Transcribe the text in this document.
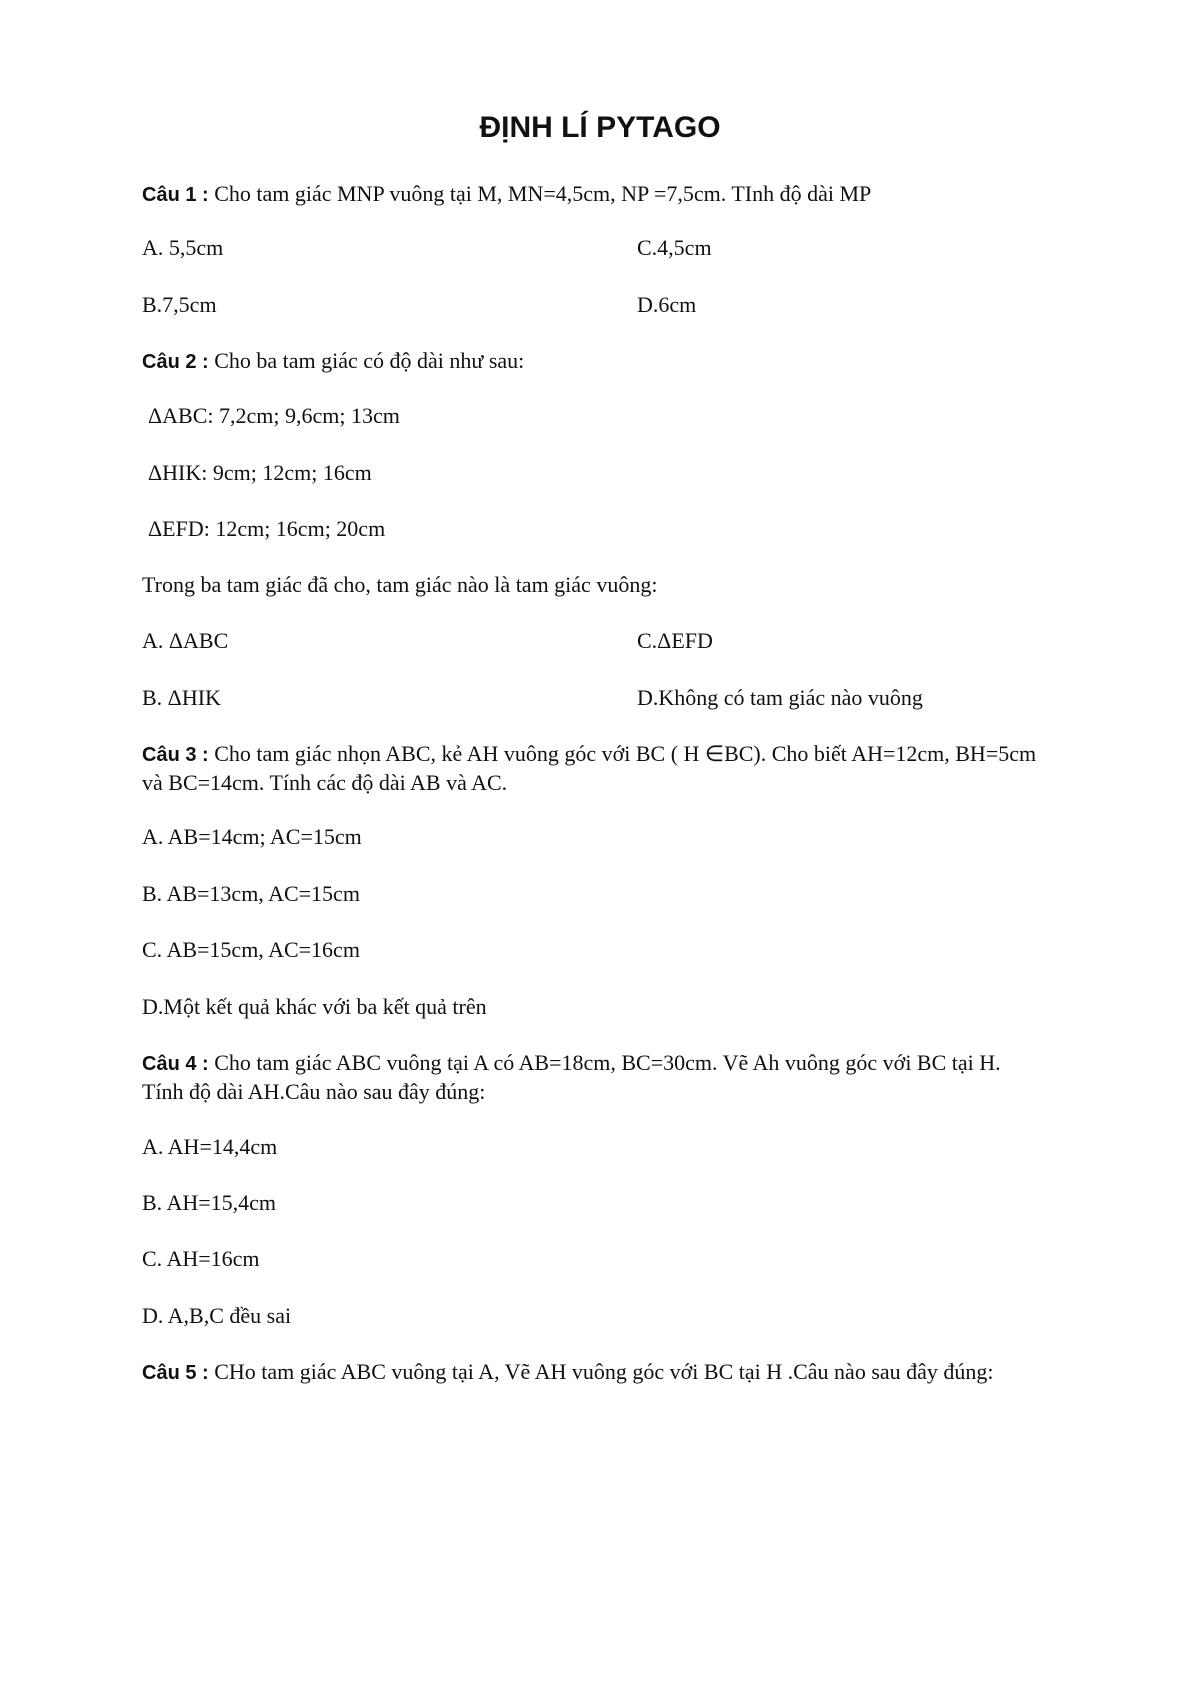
ĐỊNH LÍ PYTAGO
Câu 1 : Cho tam giác MNP vuông tại M, MN=4,5cm, NP =7,5cm. TInh độ dài MP
A. 5,5cm	C.4,5cm
B.7,5cm	D.6cm
Câu 2 : Cho ba tam giác có độ dài như sau:
ΔABC: 7,2cm; 9,6cm; 13cm
ΔHIK: 9cm; 12cm; 16cm
ΔEFD: 12cm; 16cm; 20cm
Trong ba tam giác đã cho, tam giác nào là tam giác vuông:
A. ΔABC	C.ΔEFD
B. ΔHIK	D.Không có tam giác nào vuông
Câu 3 : Cho tam giác nhọn ABC, kẻ AH vuông góc với BC ( H ∈BC). Cho biết AH=12cm, BH=5cm và BC=14cm. Tính các độ dài AB và AC.
A. AB=14cm; AC=15cm
B. AB=13cm, AC=15cm
C. AB=15cm, AC=16cm
D.Một kết quả khác với ba kết quả trên
Câu 4 : Cho tam giác ABC vuông tại A có AB=18cm, BC=30cm. Vẽ Ah vuông góc với BC tại H. Tính độ dài AH.Câu nào sau đây đúng:
A. AH=14,4cm
B. AH=15,4cm
C. AH=16cm
D. A,B,C đều sai
Câu 5 : CHo tam giác ABC vuông tại A, Vẽ AH vuông góc với BC tại H .Câu nào sau đây đúng:
